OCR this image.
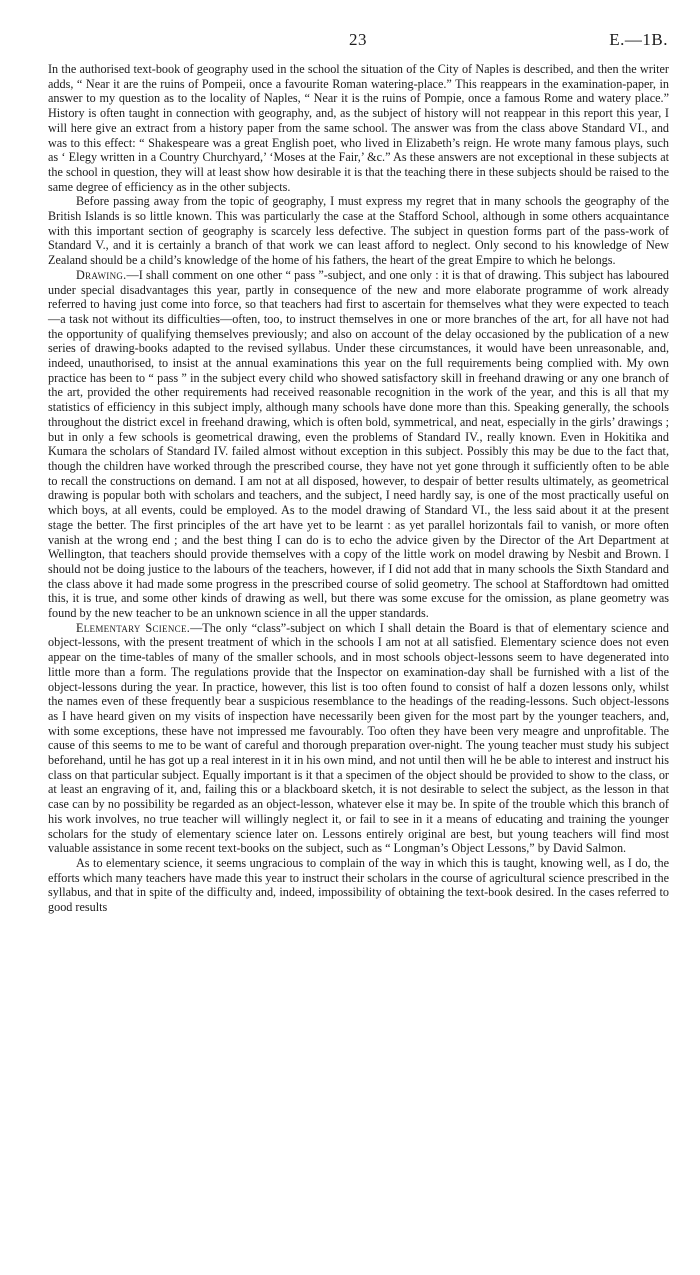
23	E.—1B.

In the authorised text-book of geography used in the school the situation of the City of Naples is described, and then the writer adds, “ Near it are the ruins of Pompeii, once a favourite Roman watering-place.” This reappears in the examination-paper, in answer to my question as to the locality of Naples, “ Near it is the ruins of Pompie, once a famous Rome and watery place.” History is often taught in connection with geography, and, as the subject of history will not reappear in this report this year, I will here give an extract from a history paper from the same school. The answer was from the class above Standard VI., and was to this effect: “ Shakespeare was a great English poet, who lived in Elizabeth’s reign. He wrote many famous plays, such as ‘ Elegy written in a Country Churchyard,’ ‘Moses at the Fair,’ &c.” As these answers are not exceptional in these subjects at the school in question, they will at least show how desirable it is that the teaching there in these subjects should be raised to the same degree of efficiency as in the other subjects.

Before passing away from the topic of geography, I must express my regret that in many schools the geography of the British Islands is so little known. This was particularly the case at the Stafford School, although in some others acquaintance with this important section of geography is scarcely less defective. The subject in question forms part of the pass-work of Standard V., and it is certainly a branch of that work we can least afford to neglect. Only second to his knowledge of New Zealand should be a child’s knowledge of the home of his fathers, the heart of the great Empire to which he belongs.

Drawing.—I shall comment on one other “ pass ”-subject, and one only : it is that of drawing. This subject has laboured under special disadvantages this year, partly in consequence of the new and more elaborate programme of work already referred to having just come into force, so that teachers had first to ascertain for themselves what they were expected to teach—a task not without its difficulties—often, too, to instruct themselves in one or more branches of the art, for all have not had the opportunity of qualifying themselves previously; and also on account of the delay occasioned by the publication of a new series of drawing-books adapted to the revised syllabus. Under these circumstances, it would have been unreasonable, and, indeed, unauthorised, to insist at the annual examinations this year on the full requirements being complied with. My own practice has been to “ pass ” in the subject every child who showed satisfactory skill in freehand drawing or any one branch of the art, provided the other requirements had received reasonable recognition in the work of the year, and this is all that my statistics of efficiency in this subject imply, although many schools have done more than this. Speaking generally, the schools throughout the district excel in freehand drawing, which is often bold, symmetrical, and neat, especially in the girls’ drawings ; but in only a few schools is geometrical drawing, even the problems of Standard IV., really known. Even in Hokitika and Kumara the scholars of Standard IV. failed almost without exception in this subject. Possibly this may be due to the fact that, though the children have worked through the prescribed course, they have not yet gone through it sufficiently often to be able to recall the constructions on demand. I am not at all disposed, however, to despair of better results ultimately, as geometrical drawing is popular both with scholars and teachers, and the subject, I need hardly say, is one of the most practically useful on which boys, at all events, could be employed. As to the model drawing of Standard VI., the less said about it at the present stage the better. The first principles of the art have yet to be learnt : as yet parallel horizontals fail to vanish, or more often vanish at the wrong end ; and the best thing I can do is to echo the advice given by the Director of the Art Department at Wellington, that teachers should provide themselves with a copy of the little work on model drawing by Nesbit and Brown. I should not be doing justice to the labours of the teachers, however, if I did not add that in many schools the Sixth Standard and the class above it had made some progress in the prescribed course of solid geometry. The school at Staffordtown had omitted this, it is true, and some other kinds of drawing as well, but there was some excuse for the omission, as plane geometry was found by the new teacher to be an unknown science in all the upper standards.

Elementary Science.—The only “class”-subject on which I shall detain the Board is that of elementary science and object-lessons, with the present treatment of which in the schools I am not at all satisfied. Elementary science does not even appear on the time-tables of many of the smaller schools, and in most schools object-lessons seem to have degenerated into little more than a form. The regulations provide that the Inspector on examination-day shall be furnished with a list of the object-lessons during the year. In practice, however, this list is too often found to consist of half a dozen lessons only, whilst the names even of these frequently bear a suspicious resemblance to the headings of the reading-lessons. Such object-lessons as I have heard given on my visits of inspection have necessarily been given for the most part by the younger teachers, and, with some exceptions, these have not impressed me favourably. Too often they have been very meagre and unprofitable. The cause of this seems to me to be want of careful and thorough preparation over-night. The young teacher must study his subject beforehand, until he has got up a real interest in it in his own mind, and not until then will he be able to interest and instruct his class on that particular subject. Equally important is it that a specimen of the object should be provided to show to the class, or at least an engraving of it, and, failing this or a blackboard sketch, it is not desirable to select the subject, as the lesson in that case can by no possibility be regarded as an object-lesson, whatever else it may be. In spite of the trouble which this branch of his work involves, no true teacher will willingly neglect it, or fail to see in it a means of educating and training the younger scholars for the study of elementary science later on. Lessons entirely original are best, but young teachers will find most valuable assistance in some recent text-books on the subject, such as “ Longman’s Object Lessons,” by David Salmon.

As to elementary science, it seems ungracious to complain of the way in which this is taught, knowing well, as I do, the efforts which many teachers have made this year to instruct their scholars in the course of agricultural science prescribed in the syllabus, and that in spite of the difficulty and, indeed, impossibility of obtaining the text-book desired. In the cases referred to good results
